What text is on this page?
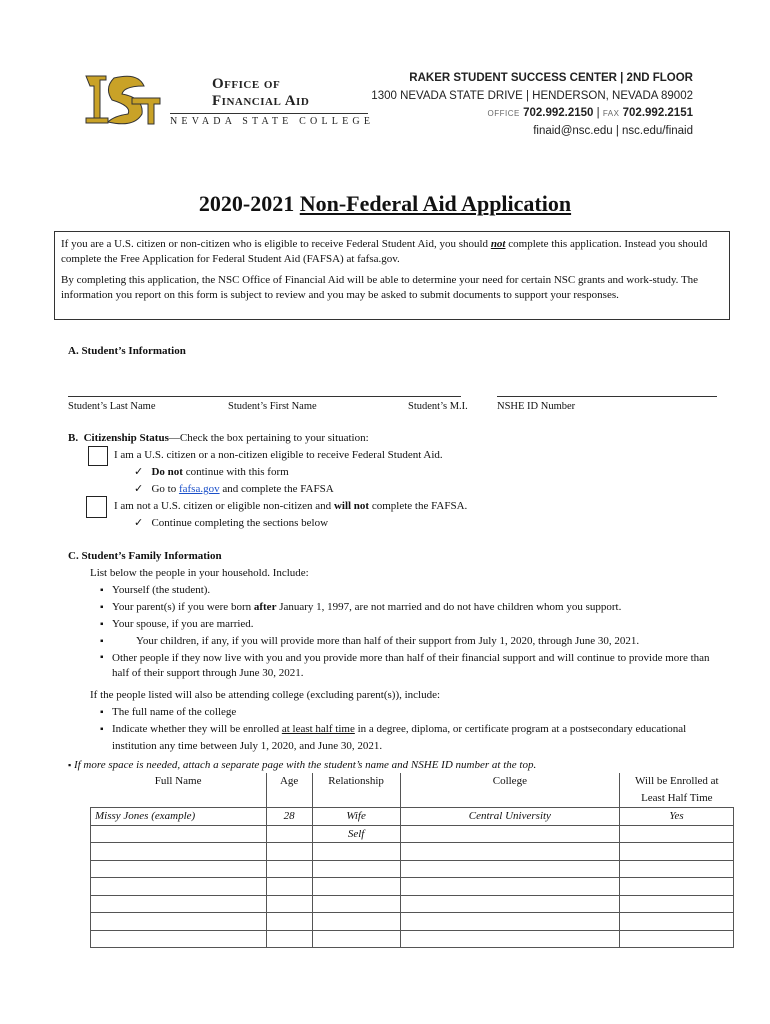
Office of
Financial Aid
NEVADA STATE COLLEGE
RAKER STUDENT SUCCESS CENTER | 2ND FLOOR
1300 NEVADA STATE DRIVE | HENDERSON, NEVADA 89002
OFFICE 702.992.2150 | FAX 702.992.2151
finaid@nsc.edu | nsc.edu/finaid
2020-2021 Non-Federal Aid Application

If you are a U.S. citizen or non-citizen who is eligible to receive Federal Student Aid, you should not complete this application. Instead you should complete the Free Application for Federal Student Aid (FAFSA) at fafsa.gov.

By completing this application, the NSC Office of Financial Aid will be able to determine your need for certain NSC grants and work-study. The information you report on this form is subject to review and you may be asked to submit documents to support your responses.

A. Student’s Information
Student’s Last Name	Student’s First Name	Student’s M.I.	NSHE ID Number
B. Citizenship Status—Check the box pertaining to your situation:
I am a U.S. citizen or a non-citizen eligible to receive Federal Student Aid.
✓ Do not continue with this form
✓ Go to fafsa.gov and complete the FAFSA
I am not a U.S. citizen or eligible non-citizen and will not complete the FAFSA.
✓ Continue completing the sections below
C. Student’s Family Information
List below the people in your household. Include:
▪ Yourself (the student).
▪ Your parent(s) if you were born after January 1, 1997, are not married and do not have children whom you support.
▪ Your spouse, if you are married.
▪ Your children, if any, if you will provide more than half of their support from July 1, 2020, through June 30, 2021.
▪ Other people if they now live with you and you provide more than half of their financial support and will continue to provide more than half of their support through June 30, 2021.
If the people listed will also be attending college (excluding parent(s)), include:
▪ The full name of the college
▪ Indicate whether they will be enrolled at least half time in a degree, diploma, or certificate program at a postsecondary educational institution any time between July 1, 2020, and June 30, 2021.
▪ If more space is needed, attach a separate page with the student’s name and NSHE ID number at the top.
Full Name	Age	Relationship	College	Will be Enrolled at Least Half Time
Missy Jones (example)	28	Wife	Central University	Yes
		Self		
